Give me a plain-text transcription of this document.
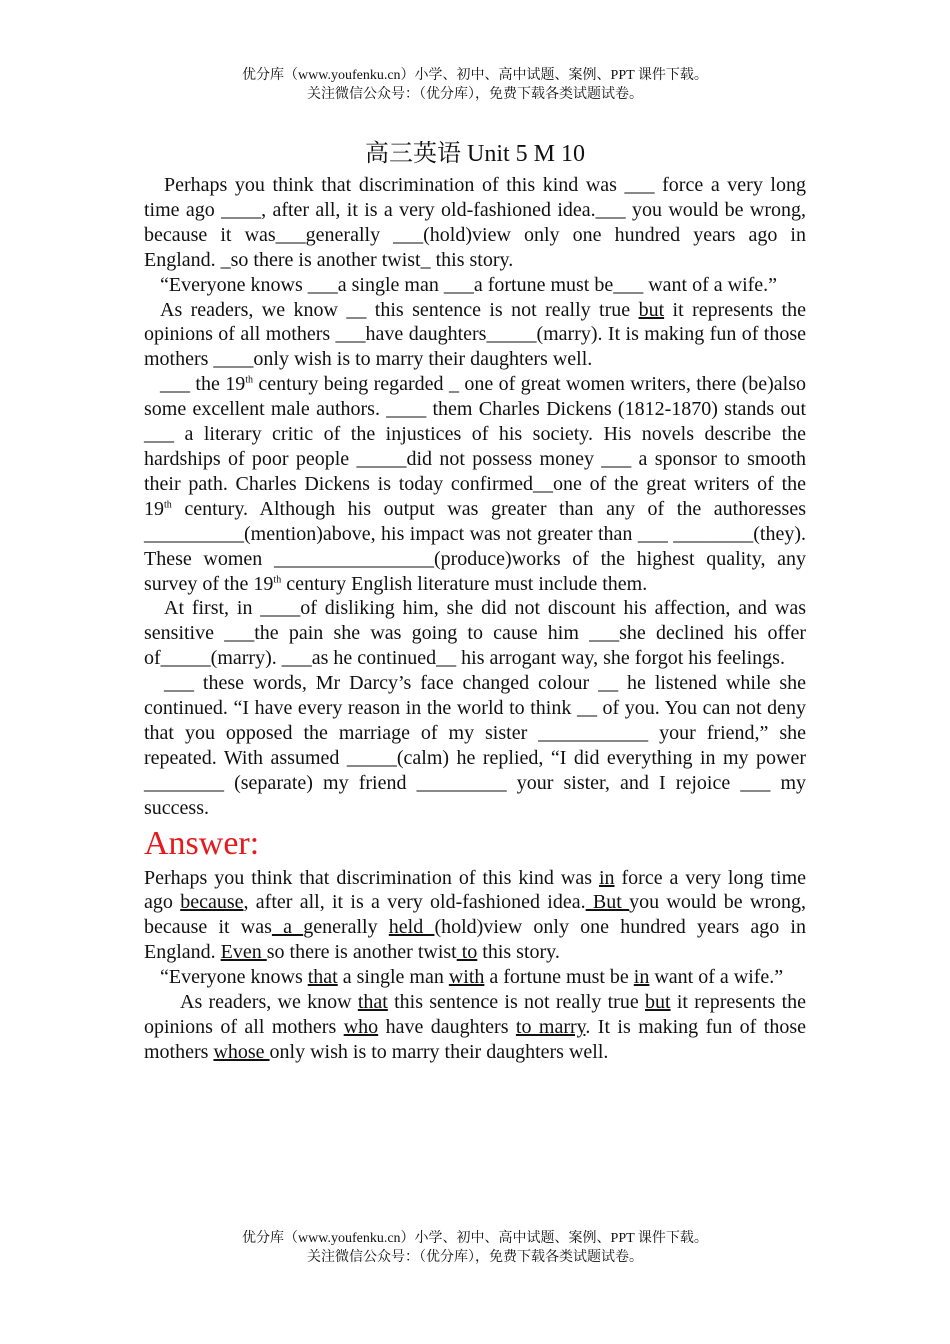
优分库（www.youfenku.cn）小学、初中、高中试题、案例、PPT 课件下载。
关注微信公众号：（优分库），免费下载各类试题试卷。
高三英语 Unit 5 M 10

Perhaps you think that discrimination of this kind was ___ force a very long time ago ____, after all, it is a very old-fashioned idea.___ you would be wrong, because it was___generally ___(hold)view only one hundred years ago in England. _so there is another twist_ this story.

“Everyone knows ___a single man ___a fortune must be___ want of a wife.”

As readers, we know __ this sentence is not really true but it represents the opinions of all mothers ___have daughters_____(marry). It is making fun of those mothers ____only wish is to marry their daughters well.

___ the 19th century being regarded _ one of great women writers, there (be)also some excellent male authors. ____ them Charles Dickens (1812-1870) stands out ___ a literary critic of the injustices of his society. His novels describe the hardships of poor people _____did not possess money ___ a sponsor to smooth their path. Charles Dickens is today confirmed__one of the great writers of the 19th century. Although his output was greater than any of the authoresses __________(mention)above, his impact was not greater than ___ ________(they). These women ________________(produce)works of the highest quality, any survey of the 19th century English literature must include them.

At first, in ____of disliking him, she did not discount his affection, and was sensitive ___the pain she was going to cause him ___she declined his offer of_____(marry). ___as he continued__ his arrogant way, she forgot his feelings.

___ these words, Mr Darcy’s face changed colour __ he listened while she continued. “I have every reason in the world to think __ of you. You can not deny that you opposed the marriage of my sister ___________ your friend,” she repeated. With assumed _____(calm) he replied, “I did everything in my power ________ (separate) my friend _________ your sister, and I rejoice ___ my success.

Answer:

Perhaps you think that discrimination of this kind was in force a very long time ago because, after all, it is a very old-fashioned idea. But you would be wrong, because it was a generally held (hold)view only one hundred years ago in England. Even so there is another twist to this story.

“Everyone knows that a single man with a fortune must be in want of a wife.”

As readers, we know that this sentence is not really true but it represents the opinions of all mothers who have daughters to marry. It is making fun of those mothers whose only wish is to marry their daughters well.

优分库（www.youfenku.cn）小学、初中、高中试题、案例、PPT 课件下载。
关注微信公众号：（优分库），免费下载各类试题试卷。
